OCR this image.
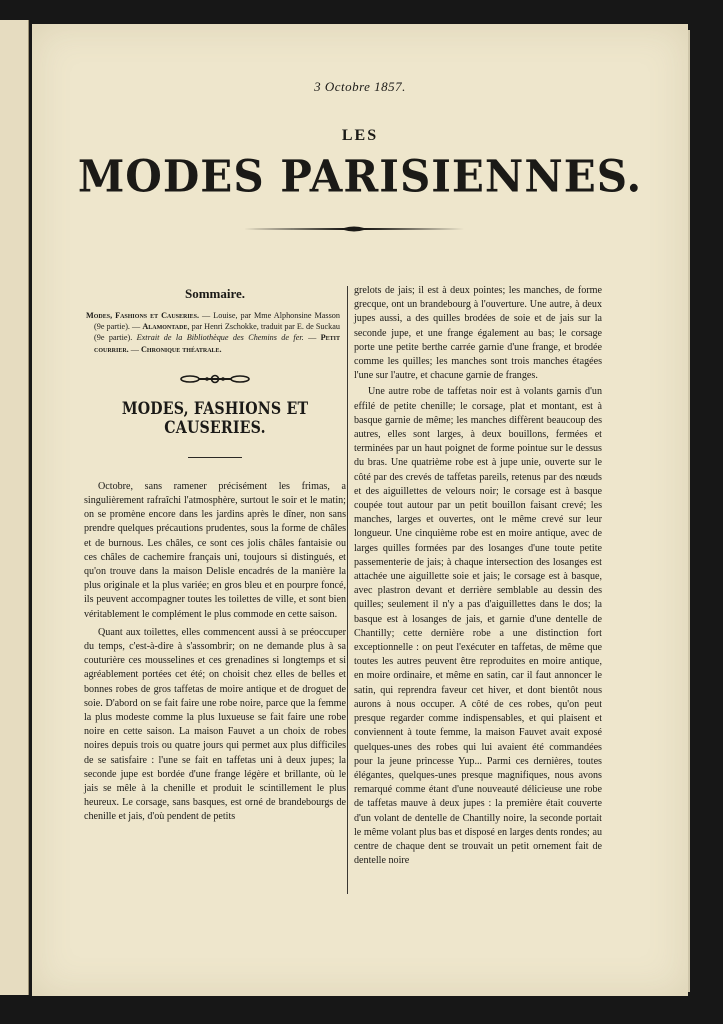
3 Octobre 1857.
LES
MODES PARISIENNES.
Sommaire.

Modes, Fashions et Causeries. — Louise, par Mme Alphonsine Masson (9e partie). — Alamontade, par Henri Zschokke, traduit par E. de Suckau (9e partie). Extrait de la Bibliothèque des Chemins de fer. — Petit courrier. — Chronique théatrale.

MODES, FASHIONS ET CAUSERIES.

Octobre, sans ramener précisément les frimas, a singulièrement rafraîchi l'atmosphère, surtout le soir et le matin; on se promène encore dans les jardins après le dîner, non sans prendre quelques précautions prudentes, sous la forme de châles et de burnous. Les châles, ce sont ces jolis châles fantaisie ou ces châles de cachemire français uni, toujours si distingués, et qu'on trouve dans la maison Delisle encadrés de la manière la plus originale et la plus variée; en gros bleu et en pourpre foncé, ils peuvent accompagner toutes les toilettes de ville, et sont bien véritablement le complément le plus commode en cette saison.

Quant aux toilettes, elles commencent aussi à se préoccuper du temps, c'est-à-dire à s'assombrir; on ne demande plus à sa couturière ces mousselines et ces grenadines si longtemps et si agréablement portées cet été; on choisit chez elles de belles et bonnes robes de gros taffetas de moire antique et de droguet de soie. D'abord on se fait faire une robe noire, parce que la femme la plus modeste comme la plus luxueuse se fait faire une robe noire en cette saison. La maison Fauvet a un choix de robes noires depuis trois ou quatre jours qui permet aux plus difficiles de se satisfaire : l'une se fait en taffetas uni à deux jupes; la seconde jupe est bordée d'une frange légère et brillante, où le jais se mêle à la chenille et produit le scintillement le plus heureux. Le corsage, sans basques, est orné de brandebourgs de chenille et jais, d'où pendent de petits

grelots de jais; il est à deux pointes; les manches, de forme grecque, ont un brandebourg à l'ouverture. Une autre, à deux jupes aussi, a des quilles brodées de soie et de jais sur la seconde jupe, et une frange également au bas; le corsage porte une petite berthe carrée garnie d'une frange, et brodée comme les quilles; les manches sont trois manches étagées l'une sur l'autre, et chacune garnie de franges.

Une autre robe de taffetas noir est à volants garnis d'un effilé de petite chenille; le corsage, plat et montant, est à basque garnie de même; les manches diffèrent beaucoup des autres, elles sont larges, à deux bouillons, fermées et terminées par un haut poignet de forme pointue sur le dessus du bras. Une quatrième robe est à jupe unie, ouverte sur le côté par des crevés de taffetas pareils, retenus par des nœuds et des aiguillettes de velours noir; le corsage est à basque coupée tout autour par un petit bouillon faisant crevé; les manches, larges et ouvertes, ont le même crevé sur leur longueur. Une cinquième robe est en moire antique, avec de larges quilles formées par des losanges d'une toute petite passementerie de jais; à chaque intersection des losanges est attachée une aiguillette soie et jais; le corsage est à basque, avec plastron devant et derrière semblable au dessin des quilles; seulement il n'y a pas d'aiguillettes dans le dos; la basque est à losanges de jais, et garnie d'une dentelle de Chantilly; cette dernière robe a une distinction fort exceptionnelle : on peut l'exécuter en taffetas, de même que toutes les autres peuvent être reproduites en moire antique, en moire ordinaire, et même en satin, car il faut annoncer le satin, qui reprendra faveur cet hiver, et dont bientôt nous aurons à nous occuper. A côté de ces robes, qu'on peut presque regarder comme indispensables, et qui plaisent et conviennent à toute femme, la maison Fauvet avait exposé quelques-unes des robes qui lui avaient été commandées pour la jeune princesse Yup... Parmi ces dernières, toutes élégantes, quelques-unes presque magnifiques, nous avons remarqué comme étant d'une nouveauté délicieuse une robe de taffetas mauve à deux jupes : la première était couverte d'un volant de dentelle de Chantilly noire, la seconde portait le même volant plus bas et disposé en larges dents rondes; au centre de chaque dent se trouvait un petit ornement fait de dentelle noire
